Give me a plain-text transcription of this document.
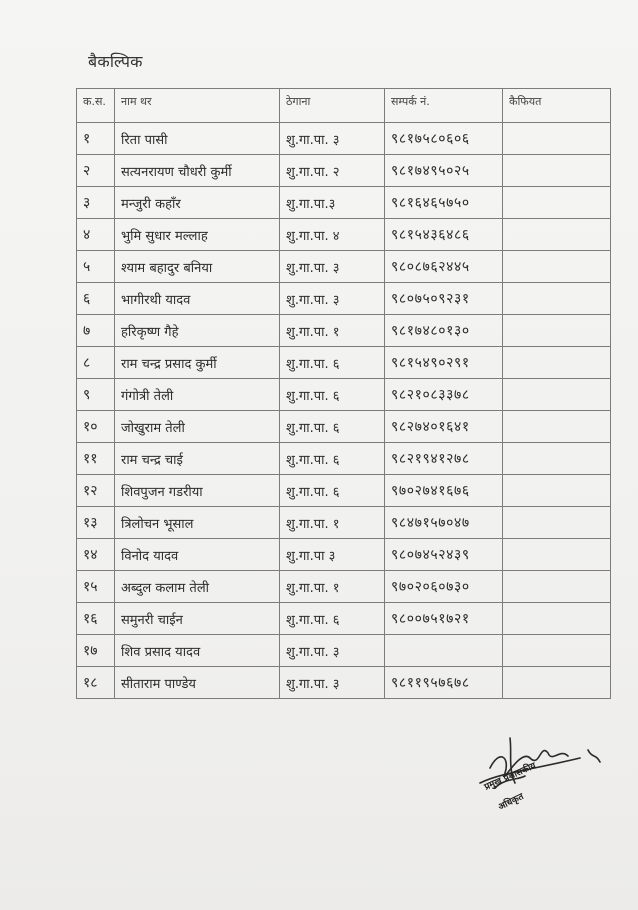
बैकल्पिक
क.स.	नाम थर	ठेगाना	सम्पर्क नं.	कैफियत
१	रिता पासी	शु.गा.पा. ३	९८१७५८०६०६	
२	सत्यनरायण चौधरी कुर्मी	शु.गा.पा. २	९८१७४९५०२५	
३	मन्जुरी कहाँर	शु.गा.पा.३	९८१६४६५७५०	
४	भुमि सुधार मल्लाह	शु.गा.पा. ४	९८१५४३६४८६	
५	श्याम बहादुर बनिया	शु.गा.पा. ३	९८०८७६२४४५	
६	भागीरथी यादव	शु.गा.पा. ३	९८०७५०९२३१	
७	हरिकृष्ण गैहे	शु.गा.पा. १	९८१७४८०१३०	
८	राम चन्द्र प्रसाद कुर्मी	शु.गा.पा. ६	९८१५४९०२९१	
९	गंगोत्री तेली	शु.गा.पा. ६	९८२१०८३३७८	
१०	जोखुराम तेली	शु.गा.पा. ६	९८२७४०१६४१	
११	राम चन्द्र चाई	शु.गा.पा. ६	९८२१९४१२७८	
१२	शिवपुजन गडरीया	शु.गा.पा. ६	९७०२७४१६७६	
१३	त्रिलोचन भूसाल	शु.गा.पा. १	९८४७१५७०४७	
१४	विनोद यादव	शु.गा.पा ३	९८०७४५२४३९	
१५	अब्दुल कलाम तेली	शु.गा.पा. १	९७०२०६०७३०	
१६	समुनरी चाईन	शु.गा.पा. ६	९८००७५१७२१	
१७	शिव प्रसाद यादव	शु.गा.पा. ३		
१८	सीताराम पाण्डेय	शु.गा.पा. ३	९८११९५७६७८	
प्रमुख प्रशासकीय
अधिकृत
